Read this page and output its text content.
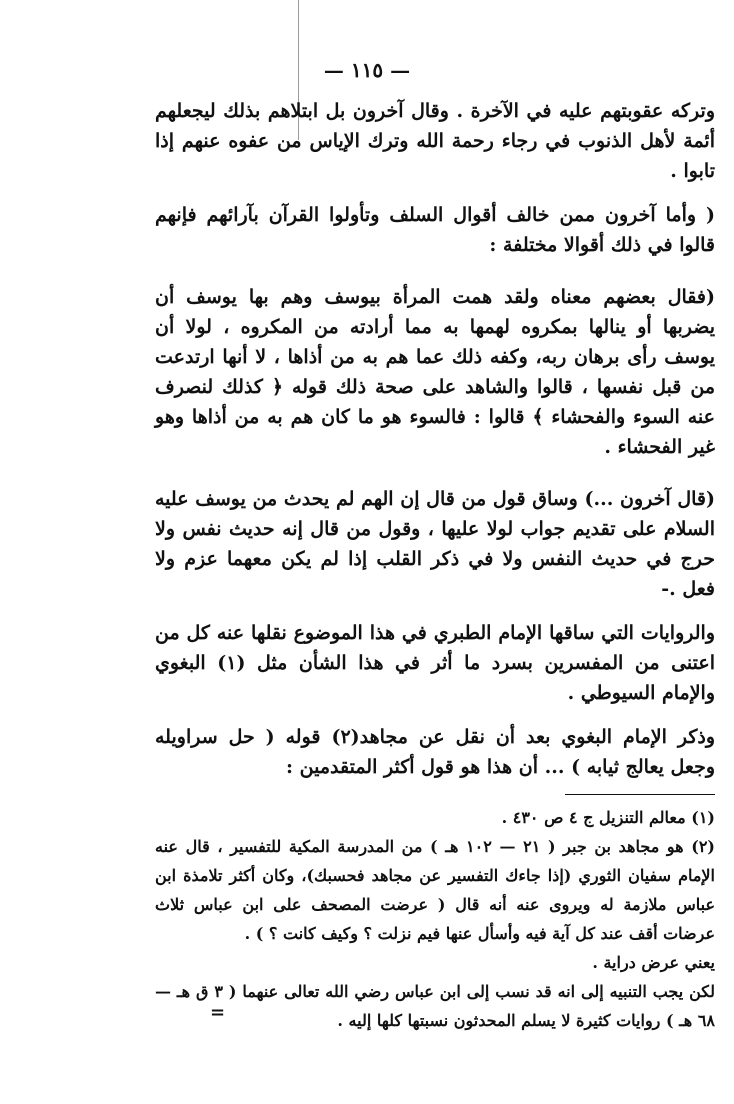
— ١١٥ —

وتركه عقوبتهم عليه في الآخرة . وقال آخرون بل ابتلاهم بذلك ليجعلهم أئمة لأهل الذنوب في رجاء رحمة الله وترك الإياس من عفوه عنهم إذا تابوا .

( وأما آخرون ممن خالف أقوال السلف وتأولوا القرآن بآرائهم فإنهم قالوا في ذلك أقوالا مختلفة :

(فقال بعضهم معناه ولقد همت المرأة بيوسف وهم بها يوسف أن يضربها أو ينالها بمكروه لهمها به مما أرادته من المكروه ، لولا أن يوسف رأى برهان ربه، وكفه ذلك عما هم به من أذاها ، لا أنها ارتدعت من قبل نفسها ، قالوا والشاهد على صحة ذلك قوله ﴿ كذلك لنصرف عنه السوء والفحشاء ﴾ قالوا : فالسوء هو ما كان هم به من أذاها وهو غير الفحشاء .

(قال آخرون ...) وساق قول من قال إن الهم لم يحدث من يوسف عليه السلام على تقديم جواب لولا عليها ، وقول من قال إنه حديث نفس ولا حرج في حديث النفس ولا في ذكر القلب إذا لم يكن معهما عزم ولا فعل .-

والروايات التي ساقها الإمام الطبري في هذا الموضوع نقلها عنه كل من اعتنى من المفسرين بسرد ما أثر في هذا الشأن مثل (١) البغوي والإمام السيوطي .

وذكر الإمام البغوي بعد أن نقل عن مجاهد(٢) قوله ( حل سراويله وجعل يعالج ثيابه ) ... أن هذا هو قول أكثر المتقدمين :

(١) معالم التنزيل ج ٤ ص ٤٣٠ .

(٢) هو مجاهد بن جبر ( ٢١ — ١٠٢ هـ ) من المدرسة المكية للتفسير ، قال عنه الإمام سفيان الثوري (إذا جاءك التفسير عن مجاهد فحسبك)، وكان أكثر تلامذة ابن عباس ملازمة له ويروى عنه أنه قال ( عرضت المصحف على ابن عباس ثلاث عرضات أقف عند كل آية فيه وأسأل عنها فيم نزلت ؟ وكيف كانت ؟ ) .

يعني عرض دراية .

لكن يجب التنبيه إلى انه قد نسب إلى ابن عباس رضي الله تعالى عنهما ( ٣ ق هـ — ٦٨ هـ ) روايات كثيرة لا يسلم المحدثون نسبتها كلها إليه .

=
